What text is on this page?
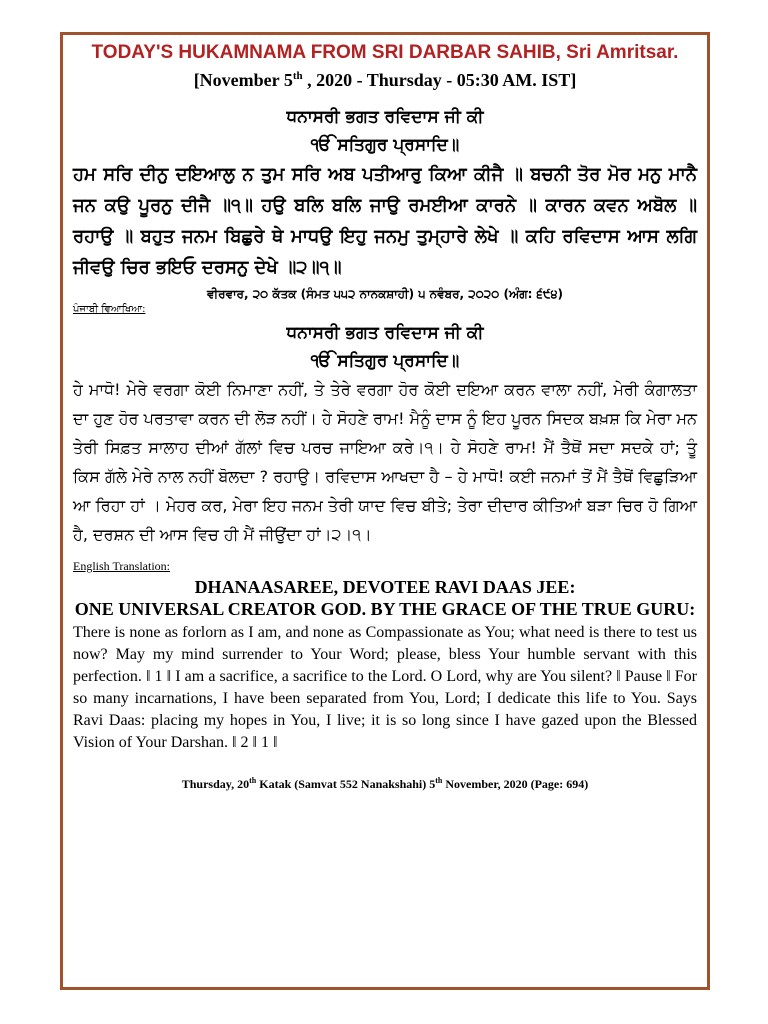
TODAY'S HUKAMNAMA FROM SRI DARBAR SAHIB, Sri Amritsar.

[November 5th , 2020 - Thursday - 05:30 AM. IST]

ਧਨਾਸਰੀ ਭਗਤ ਰਵਿਦਾਸ ਜੀ ਕੀ

ੴ ਸਤਿਗੁਰ ਪ੍ਰਸਾਦਿ॥

ਹਮ ਸਰਿ ਦੀਨੁ ਦਇਆਲੁ ਨ ਤੁਮ ਸਰਿ ਅਬ ਪਤੀਆਰੁ ਕਿਆ ਕੀਜੈ ॥ ਬਚਨੀ ਤੋਰ ਮੋਰ ਮਨੁ ਮਾਨੈ ਜਨ ਕਉ ਪੂਰਨੁ ਦੀਜੈ ॥੧॥ ਹਉ ਬਲਿ ਬਲਿ ਜਾਉ ਰਮਈਆ ਕਾਰਨੇ ॥ ਕਾਰਨ ਕਵਨ ਅਬੋਲ ॥ ਰਹਾਉ ॥ ਬਹੁਤ ਜਨਮ ਬਿਛੁਰੇ ਥੇ ਮਾਧਉ ਇਹੁ ਜਨਮੁ ਤੁਮ੍ਹਾਰੇ ਲੇਖੇ ॥ ਕਹਿ ਰਵਿਦਾਸ ਆਸ ਲਗਿ ਜੀਵਉ ਚਿਰ ਭਇਓ ਦਰਸਨੁ ਦੇਖੇ ॥੨॥੧॥

ਵੀਰਵਾਰ, ੨੦ ਕੱਤਕ (ਸੰਮਤ ੫੫੨ ਨਾਨਕਸ਼ਾਹੀ) ੫ ਨਵੰਬਰ, ੨੦੨੦ (ਅੰਗ: ੬੯੪)

ਪੰਜਾਬੀ ਵਿਆਖਿਆ:

ਧਨਾਸਰੀ ਭਗਤ ਰਵਿਦਾਸ ਜੀ ਕੀ

ੴ ਸਤਿਗੁਰ ਪ੍ਰਸਾਦਿ॥

ਹੇ ਮਾਧੋ! ਮੇਰੇ ਵਰਗਾ ਕੋਈ ਨਿਮਾਣਾ ਨਹੀਂ, ਤੇ ਤੇਰੇ ਵਰਗਾ ਹੋਰ ਕੋਈ ਦਇਆ ਕਰਨ ਵਾਲਾ ਨਹੀਂ, ਮੇਰੀ ਕੰਗਾਲਤਾ ਦਾ ਹੁਣ ਹੋਰ ਪਰਤਾਵਾ ਕਰਨ ਦੀ ਲੋੜ ਨਹੀਂ। ਹੇ ਸੋਹਣੇ ਰਾਮ! ਮੈਨੂੰ ਦਾਸ ਨੂੰ ਇਹ ਪੂਰਨ ਸਿਦਕ ਬਖ਼ਸ਼ ਕਿ ਮੇਰਾ ਮਨ ਤੇਰੀ ਸਿਫ਼ਤ ਸਾਲਾਹ ਦੀਆਂ ਗੱਲਾਂ ਵਿਚ ਪਰਚ ਜਾਇਆ ਕਰੇ।੧। ਹੇ ਸੋਹਣੇ ਰਾਮ! ਮੈਂ ਤੈਥੋਂ ਸਦਾ ਸਦਕੇ ਹਾਂ; ਤੂੰ ਕਿਸ ਗੱਲੇ ਮੇਰੇ ਨਾਲ ਨਹੀਂ ਬੋਲਦਾ ? ਰਹਾਉ। ਰਵਿਦਾਸ ਆਖਦਾ ਹੈ – ਹੇ ਮਾਧੋ! ਕਈ ਜਨਮਾਂ ਤੋਂ ਮੈਂ ਤੈਥੋਂ ਵਿਛੁੜਿਆ ਆ ਰਿਹਾ ਹਾਂ । ਮੇਹਰ ਕਰ, ਮੇਰਾ ਇਹ ਜਨਮ ਤੇਰੀ ਯਾਦ ਵਿਚ ਬੀਤੇ; ਤੇਰਾ ਦੀਦਾਰ ਕੀਤਿਆਂ ਬੜਾ ਚਿਰ ਹੋ ਗਿਆ ਹੈ, ਦਰਸ਼ਨ ਦੀ ਆਸ ਵਿਚ ਹੀ ਮੈਂ ਜੀਉਂਦਾ ਹਾਂ।੨।੧।

English Translation:

DHANAASAREE, DEVOTEE RAVI DAAS JEE:

ONE UNIVERSAL CREATOR GOD. BY THE GRACE OF THE TRUE GURU:

There is none as forlorn as I am, and none as Compassionate as You; what need is there to test us now? May my mind surrender to Your Word; please, bless Your humble servant with this perfection. ‖ 1 ‖ I am a sacrifice, a sacrifice to the Lord. O Lord, why are You silent? ‖ Pause ‖ For so many incarnations, I have been separated from You, Lord; I dedicate this life to You. Says Ravi Daas: placing my hopes in You, I live; it is so long since I have gazed upon the Blessed Vision of Your Darshan. ‖ 2 ‖ 1 ‖

Thursday, 20th Katak (Samvat 552 Nanakshahi) 5th November, 2020 (Page: 694)
